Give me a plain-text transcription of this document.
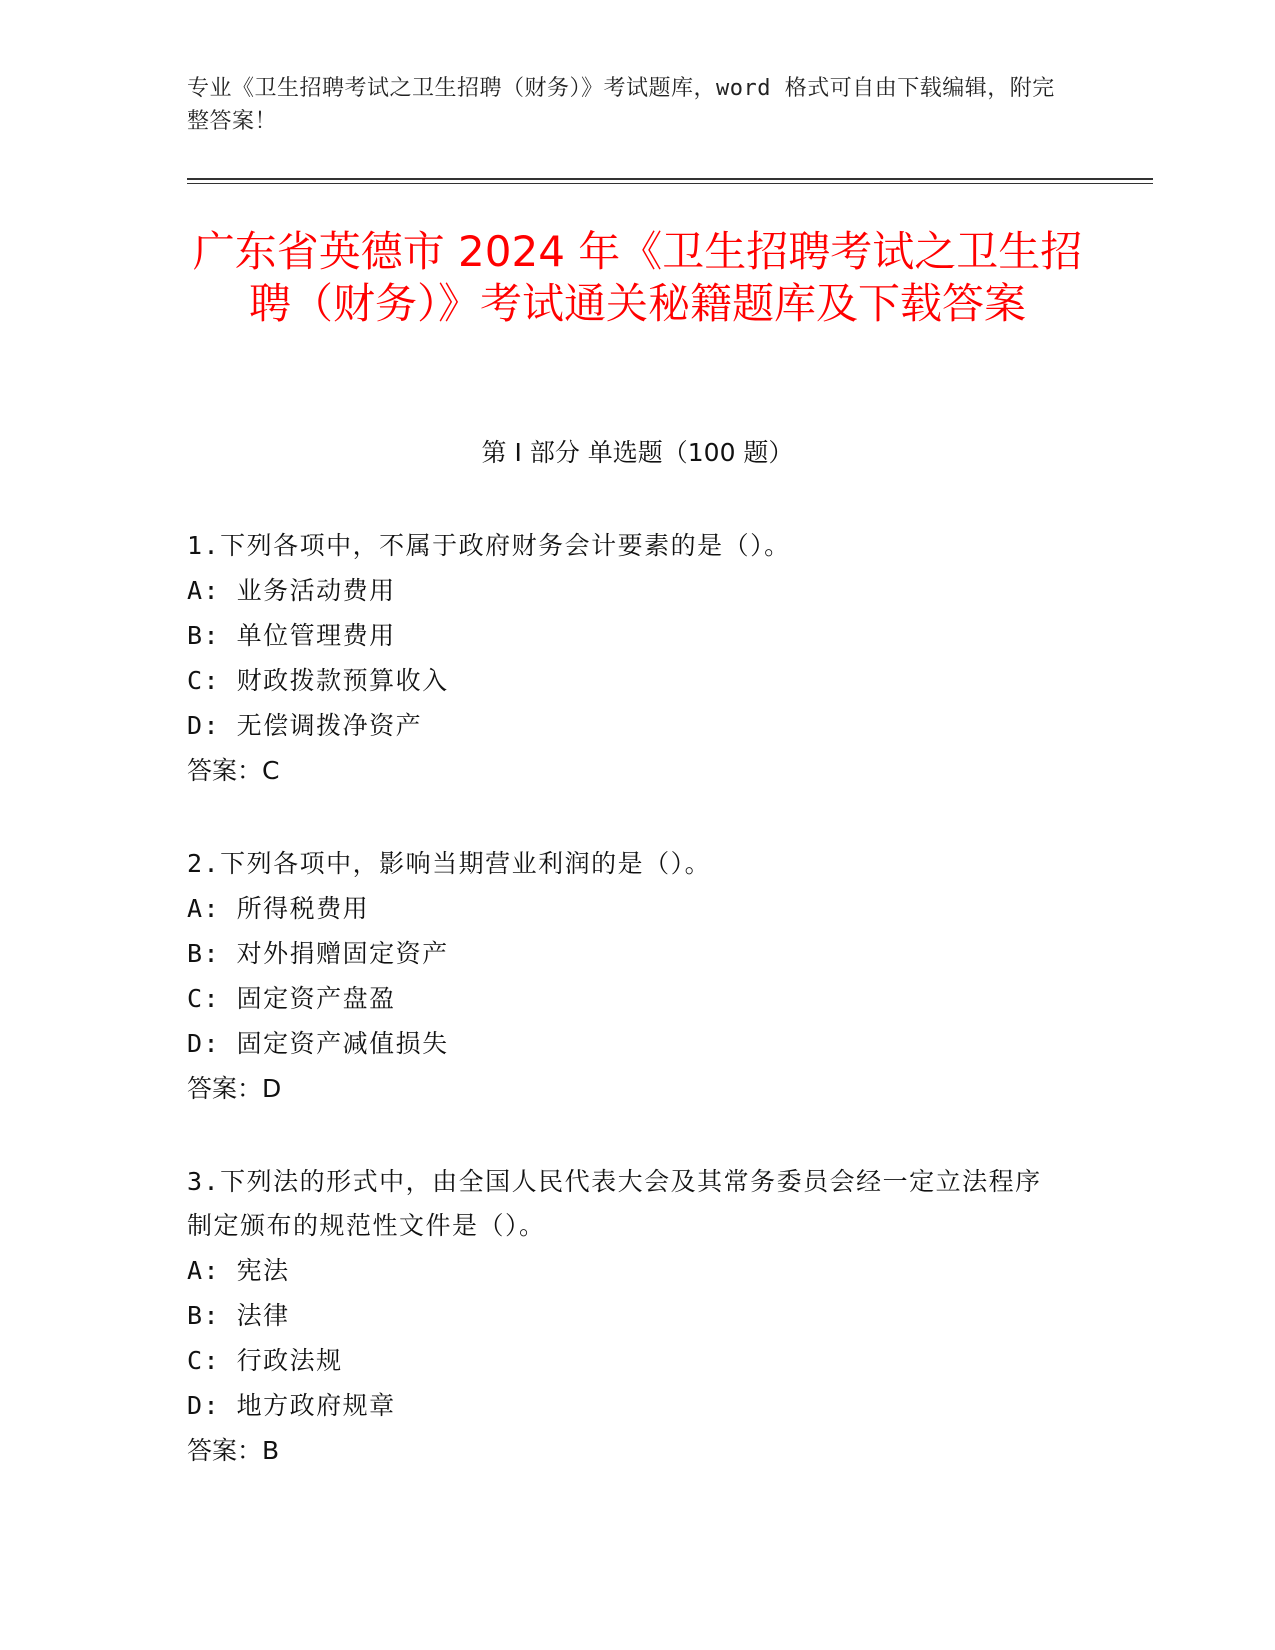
专业《卫生招聘考试之卫生招聘（财务）》考试题库，word 格式可自由下载编辑，附完整答案！
广东省英德市 2024 年《卫生招聘考试之卫生招聘（财务）》考试通关秘籍题库及下载答案
第 I 部分 单选题（100 题）
1.下列各项中，不属于政府财务会计要素的是（）。
A: 业务活动费用
B: 单位管理费用
C: 财政拨款预算收入
D: 无偿调拨净资产
答案：C
2.下列各项中，影响当期营业利润的是（）。
A: 所得税费用
B: 对外捐赠固定资产
C: 固定资产盘盈
D: 固定资产减值损失
答案：D
3.下列法的形式中，由全国人民代表大会及其常务委员会经一定立法程序制定颁布的规范性文件是（）。
A: 宪法
B: 法律
C: 行政法规
D: 地方政府规章
答案：B
